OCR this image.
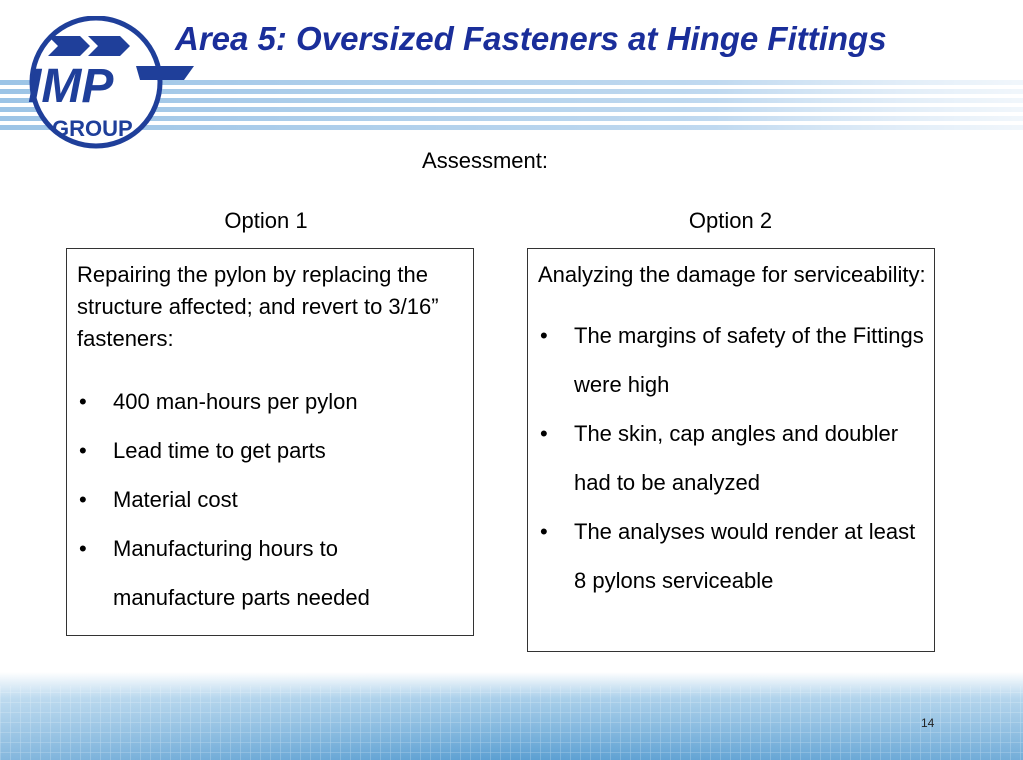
IMP
GROUP
Area 5: Oversized Fasteners at Hinge Fittings
Assessment:
Option 1	Option 2

Repairing the pylon by replacing the structure affected; and revert to 3/16” fasteners:

• 400 man-hours per pylon
• Lead time to get parts
• Material cost
• Manufacturing hours to manufacture parts needed

Analyzing the damage for serviceability:

• The margins of safety of the Fittings were high
• The skin, cap angles and doubler had to be analyzed
• The analyses would render at least 8 pylons serviceable
14
